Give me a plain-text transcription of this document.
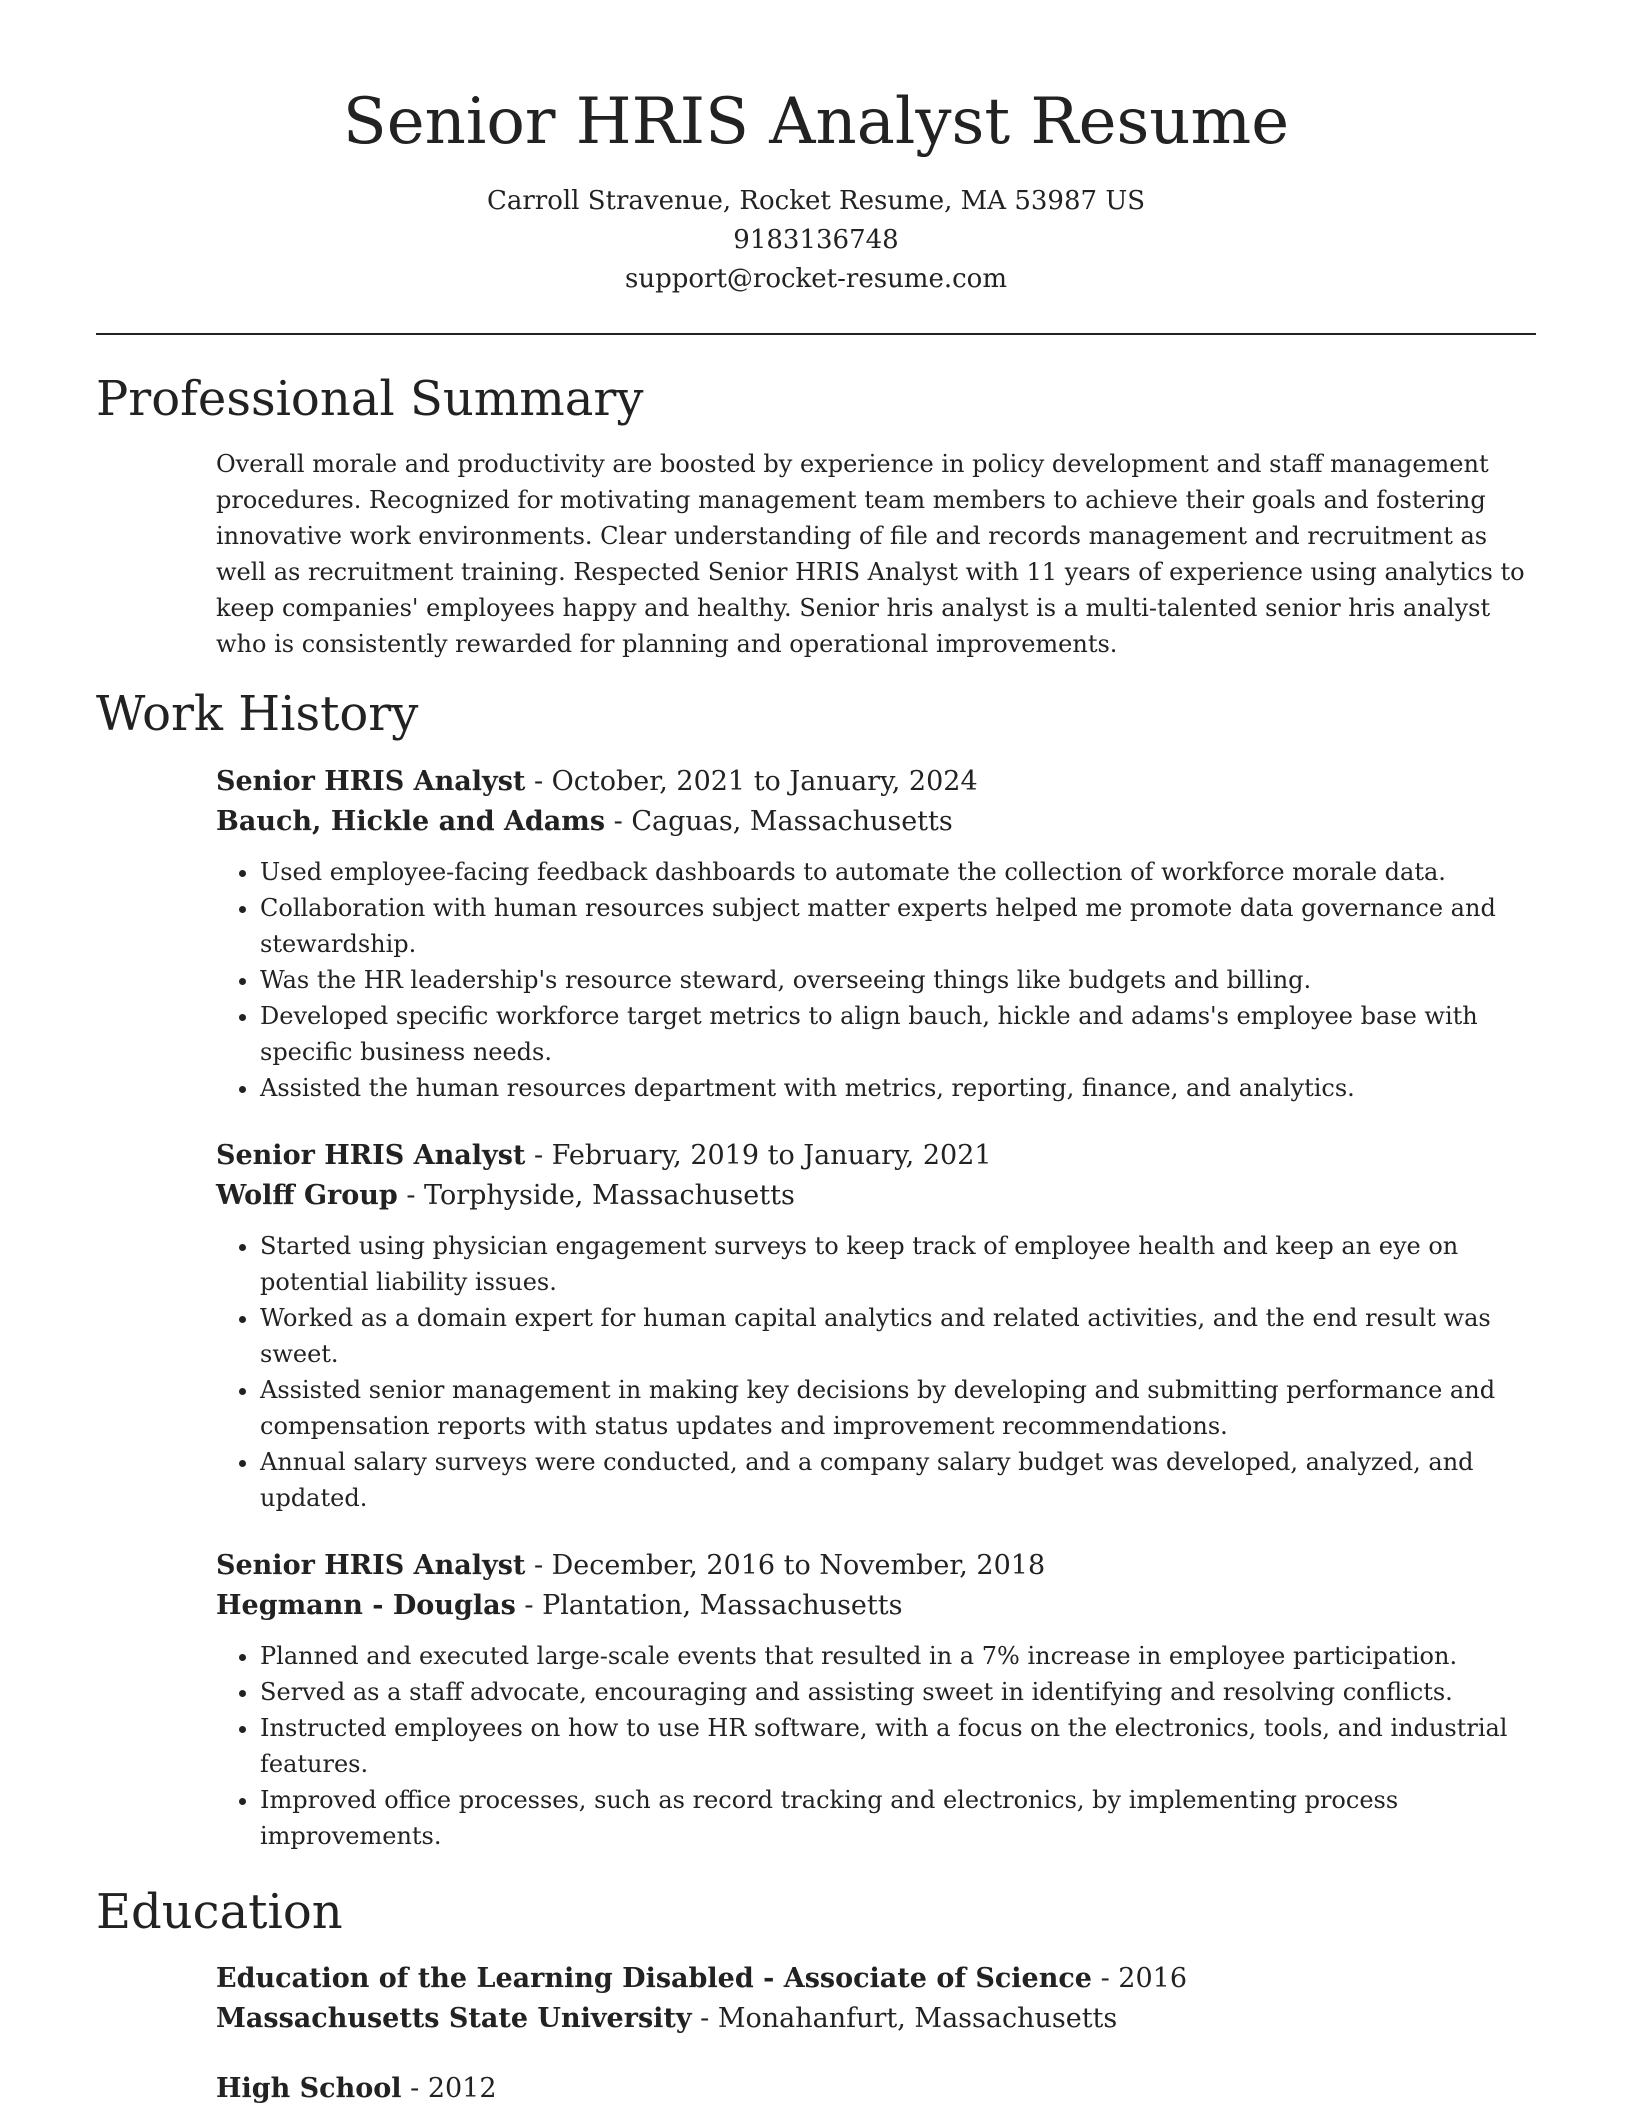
Senior HRIS Analyst Resume
Carroll Stravenue, Rocket Resume, MA 53987 US
9183136748
support@rocket-resume.com
Professional Summary

Overall morale and productivity are boosted by experience in policy development and staff management procedures. Recognized for motivating management team members to achieve their goals and fostering innovative work environments. Clear understanding of file and records management and recruitment as well as recruitment training. Respected Senior HRIS Analyst with 11 years of experience using analytics to keep companies' employees happy and healthy. Senior hris analyst is a multi-talented senior hris analyst who is consistently rewarded for planning and operational improvements.

Work History
Senior HRIS Analyst - October, 2021 to January, 2024
Bauch, Hickle and Adams - Caguas, Massachusetts
• Used employee-facing feedback dashboards to automate the collection of workforce morale data.
• Collaboration with human resources subject matter experts helped me promote data governance and stewardship.
• Was the HR leadership's resource steward, overseeing things like budgets and billing.
• Developed specific workforce target metrics to align bauch, hickle and adams's employee base with specific business needs.
• Assisted the human resources department with metrics, reporting, finance, and analytics.
Senior HRIS Analyst - February, 2019 to January, 2021
Wolff Group - Torphyside, Massachusetts
• Started using physician engagement surveys to keep track of employee health and keep an eye on potential liability issues.
• Worked as a domain expert for human capital analytics and related activities, and the end result was sweet.
• Assisted senior management in making key decisions by developing and submitting performance and compensation reports with status updates and improvement recommendations.
• Annual salary surveys were conducted, and a company salary budget was developed, analyzed, and updated.
Senior HRIS Analyst - December, 2016 to November, 2018
Hegmann - Douglas - Plantation, Massachusetts
• Planned and executed large-scale events that resulted in a 7% increase in employee participation.
• Served as a staff advocate, encouraging and assisting sweet in identifying and resolving conflicts.
• Instructed employees on how to use HR software, with a focus on the electronics, tools, and industrial features.
• Improved office processes, such as record tracking and electronics, by implementing process improvements.
Education
Education of the Learning Disabled - Associate of Science - 2016
Massachusetts State University - Monahanfurt, Massachusetts
High School - 2012
